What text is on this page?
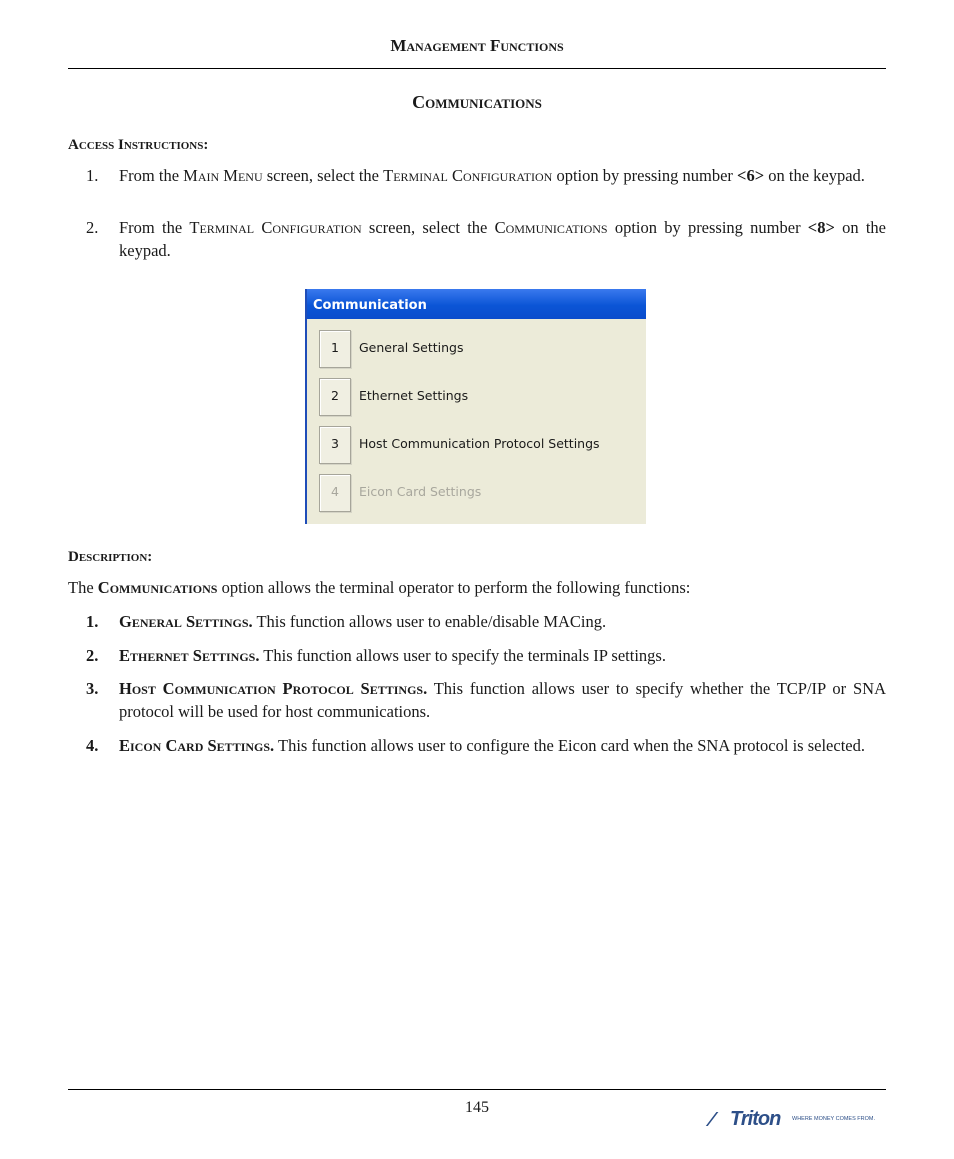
Management Functions
Communications
Access Instructions:
1. From the Main Menu screen, select the Terminal Configuration option by pressing number <6> on the keypad.
2. From the Terminal Configuration screen, select the Communications option by pressing number <8> on the keypad.
Communication
1	General Settings
2	Ethernet Settings
3	Host Communication Protocol Settings
4	Eicon Card Settings
Description:
The Communications option allows the terminal operator to perform the following functions:
1. General Settings. This function allows user to enable/disable MACing.
2. Ethernet Settings. This function allows user to specify the terminals IP settings.
3. Host Communication Protocol Settings. This function allows user to specify whether the TCP/IP or SNA protocol will be used for host communications.
4. Eicon Card Settings. This function allows user to configure the Eicon card when the SNA protocol is selected.
145
⁄ Triton WHERE MONEY COMES FROM.
